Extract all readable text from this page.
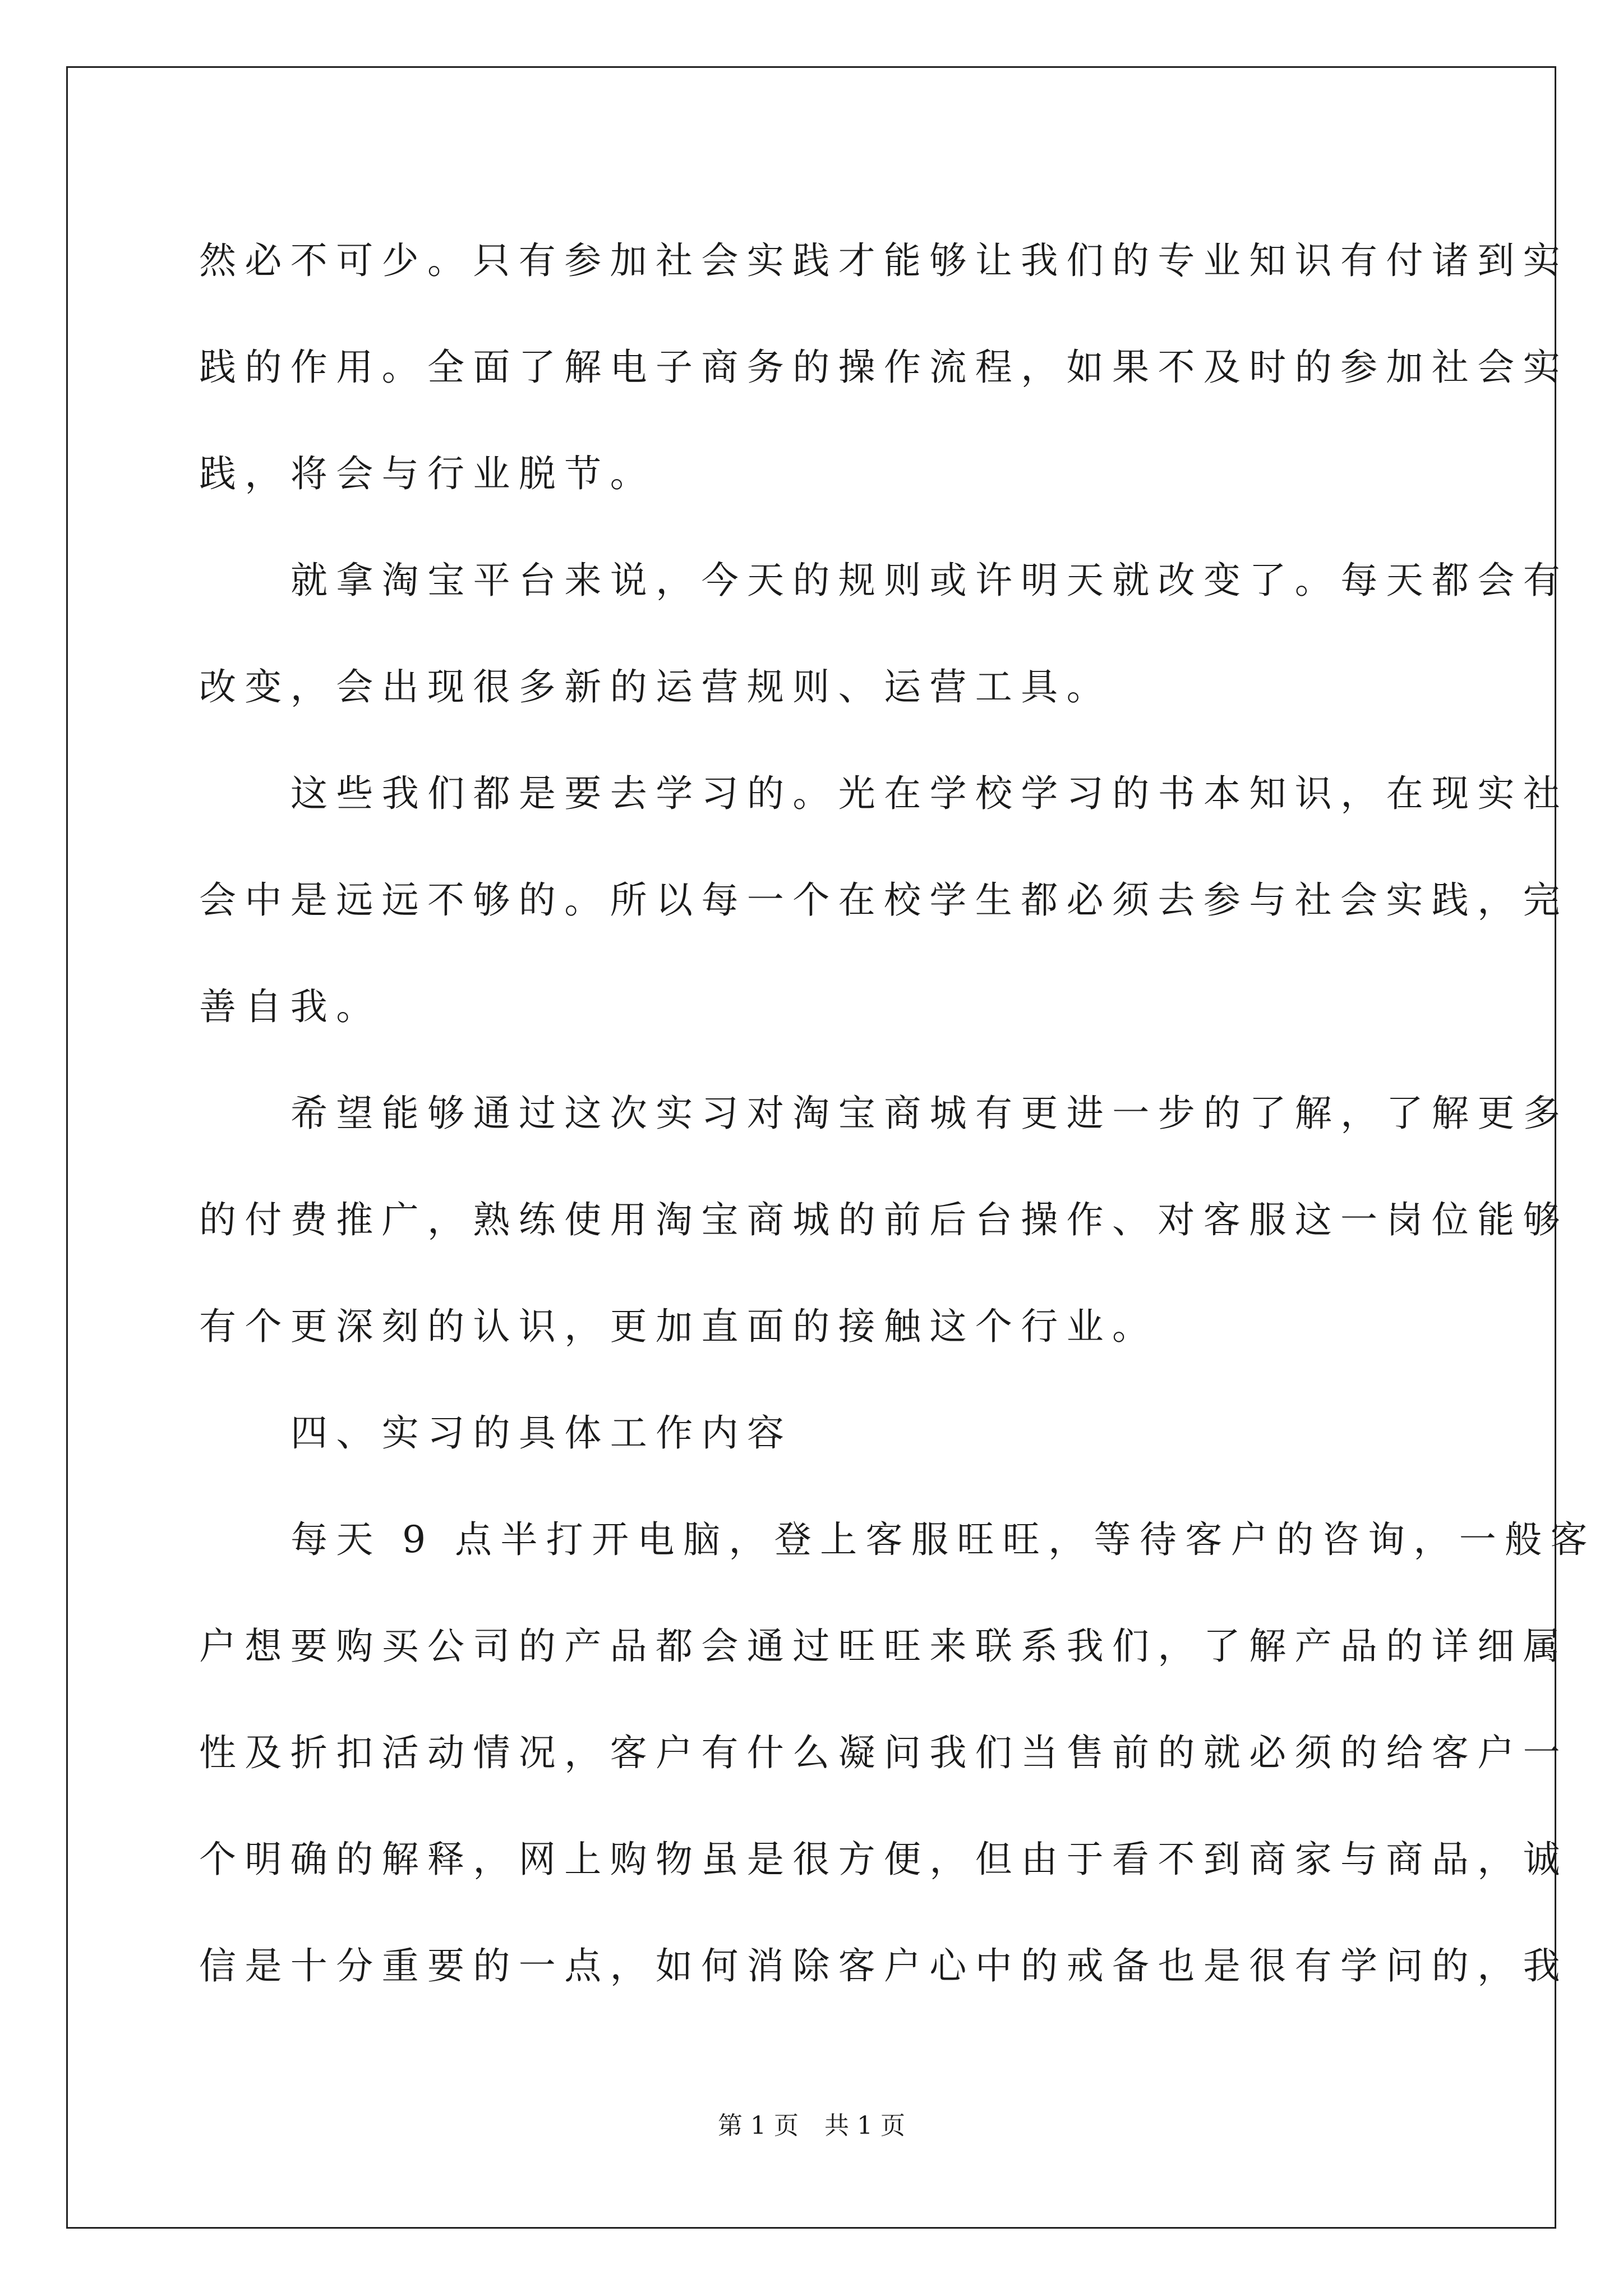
然必不可少。只有参加社会实践才能够让我们的专业知识有付诸到实
践的作用。全面了解电子商务的操作流程，如果不及时的参加社会实
践，将会与行业脱节。
就拿淘宝平台来说，今天的规则或许明天就改变了。每天都会有
改变，会出现很多新的运营规则、运营工具。
这些我们都是要去学习的。光在学校学习的书本知识，在现实社
会中是远远不够的。所以每一个在校学生都必须去参与社会实践，完
善自我。
希望能够通过这次实习对淘宝商城有更进一步的了解，了解更多
的付费推广，熟练使用淘宝商城的前后台操作、对客服这一岗位能够
有个更深刻的认识，更加直面的接触这个行业。
四、实习的具体工作内容
每天 9 点半打开电脑，登上客服旺旺，等待客户的咨询，一般客
户想要购买公司的产品都会通过旺旺来联系我们，了解产品的详细属
性及折扣活动情况，客户有什么凝问我们当售前的就必须的给客户一
个明确的解释，网上购物虽是很方便，但由于看不到商家与商品，诚
信是十分重要的一点，如何消除客户心中的戒备也是很有学问的，我
第 1 页 共 1 页
